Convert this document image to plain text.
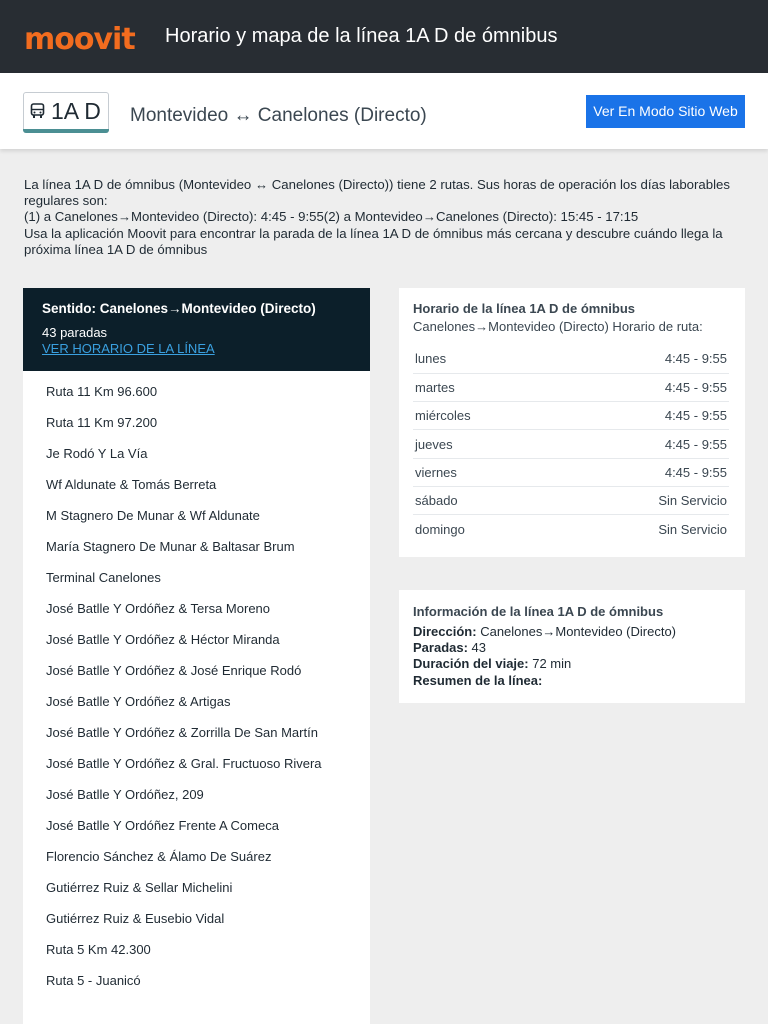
moovit Horario y mapa de la línea 1A D de ómnibus
1A D Montevideo ↔ Canelones (Directo)	Ver En Modo Sitio Web
La línea 1A D de ómnibus (Montevideo ↔ Canelones (Directo)) tiene 2 rutas. Sus horas de operación los días laborables regulares son:
(1) a Canelones→Montevideo (Directo): 4:45 - 9:55(2) a Montevideo→Canelones (Directo): 15:45 - 17:15
Usa la aplicación Moovit para encontrar la parada de la línea 1A D de ómnibus más cercana y descubre cuándo llega la próxima línea 1A D de ómnibus
Sentido: Canelones→Montevideo (Directo)
43 paradas
VER HORARIO DE LA LÍNEA
Ruta 11 Km 96.600
Ruta 11 Km 97.200
Je Rodó Y La Vía
Wf Aldunate & Tomás Berreta
M Stagnero De Munar & Wf Aldunate
María Stagnero De Munar & Baltasar Brum
Terminal Canelones
José Batlle Y Ordóñez & Tersa Moreno
José Batlle Y Ordóñez & Héctor Miranda
José Batlle Y Ordóñez & José Enrique Rodó
José Batlle Y Ordóñez & Artigas
José Batlle Y Ordóñez & Zorrilla De San Martín
José Batlle Y Ordóñez & Gral. Fructuoso Rivera
José Batlle Y Ordóñez, 209
José Batlle Y Ordóñez Frente A Comeca
Florencio Sánchez & Álamo De Suárez
Gutiérrez Ruiz & Sellar Michelini
Gutiérrez Ruiz & Eusebio Vidal
Ruta 5 Km 42.300
Ruta 5 - Juanicó
Horario de la línea 1A D de ómnibus
Canelones→Montevideo (Directo) Horario de ruta:
lunes	4:45 - 9:55
martes	4:45 - 9:55
miércoles	4:45 - 9:55
jueves	4:45 - 9:55
viernes	4:45 - 9:55
sábado	Sin Servicio
domingo	Sin Servicio
Información de la línea 1A D de ómnibus
Dirección: Canelones→Montevideo (Directo)
Paradas: 43
Duración del viaje: 72 min
Resumen de la línea:
